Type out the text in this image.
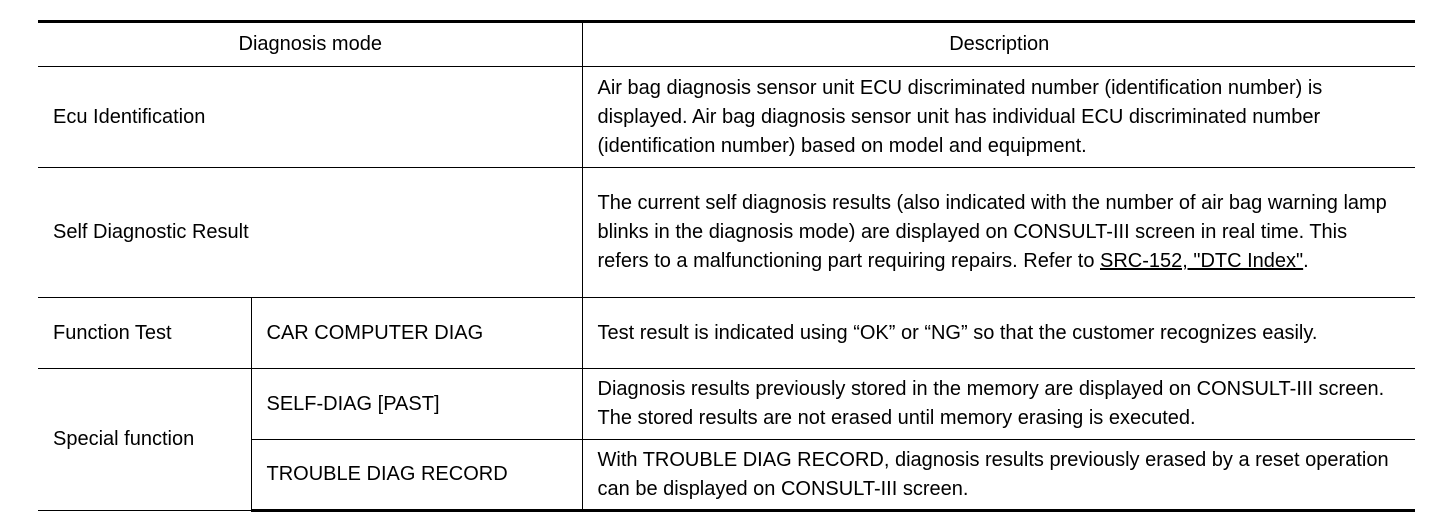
Diagnosis mode		Description
Ecu Identification		Air bag diagnosis sensor unit ECU discriminated number (identification number) is displayed. Air bag diagnosis sensor unit has individual ECU discriminated number (identification number) based on model and equipment.
Self Diagnostic Result		The current self diagnosis results (also indicated with the number of air bag warning lamp blinks in the diagnosis mode) are displayed on CONSULT-III screen in real time. This refers to a malfunctioning part requiring repairs. Refer to SRC-152, "DTC Index".
Function Test	CAR COMPUTER DIAG	Test result is indicated using “OK” or “NG” so that the customer recognizes easily.
Special function	SELF-DIAG [PAST]	Diagnosis results previously stored in the memory are displayed on CONSULT-III screen. The stored results are not erased until memory erasing is executed.
	TROUBLE DIAG RECORD	With TROUBLE DIAG RECORD, diagnosis results previously erased by a reset operation can be displayed on CONSULT-III screen.
